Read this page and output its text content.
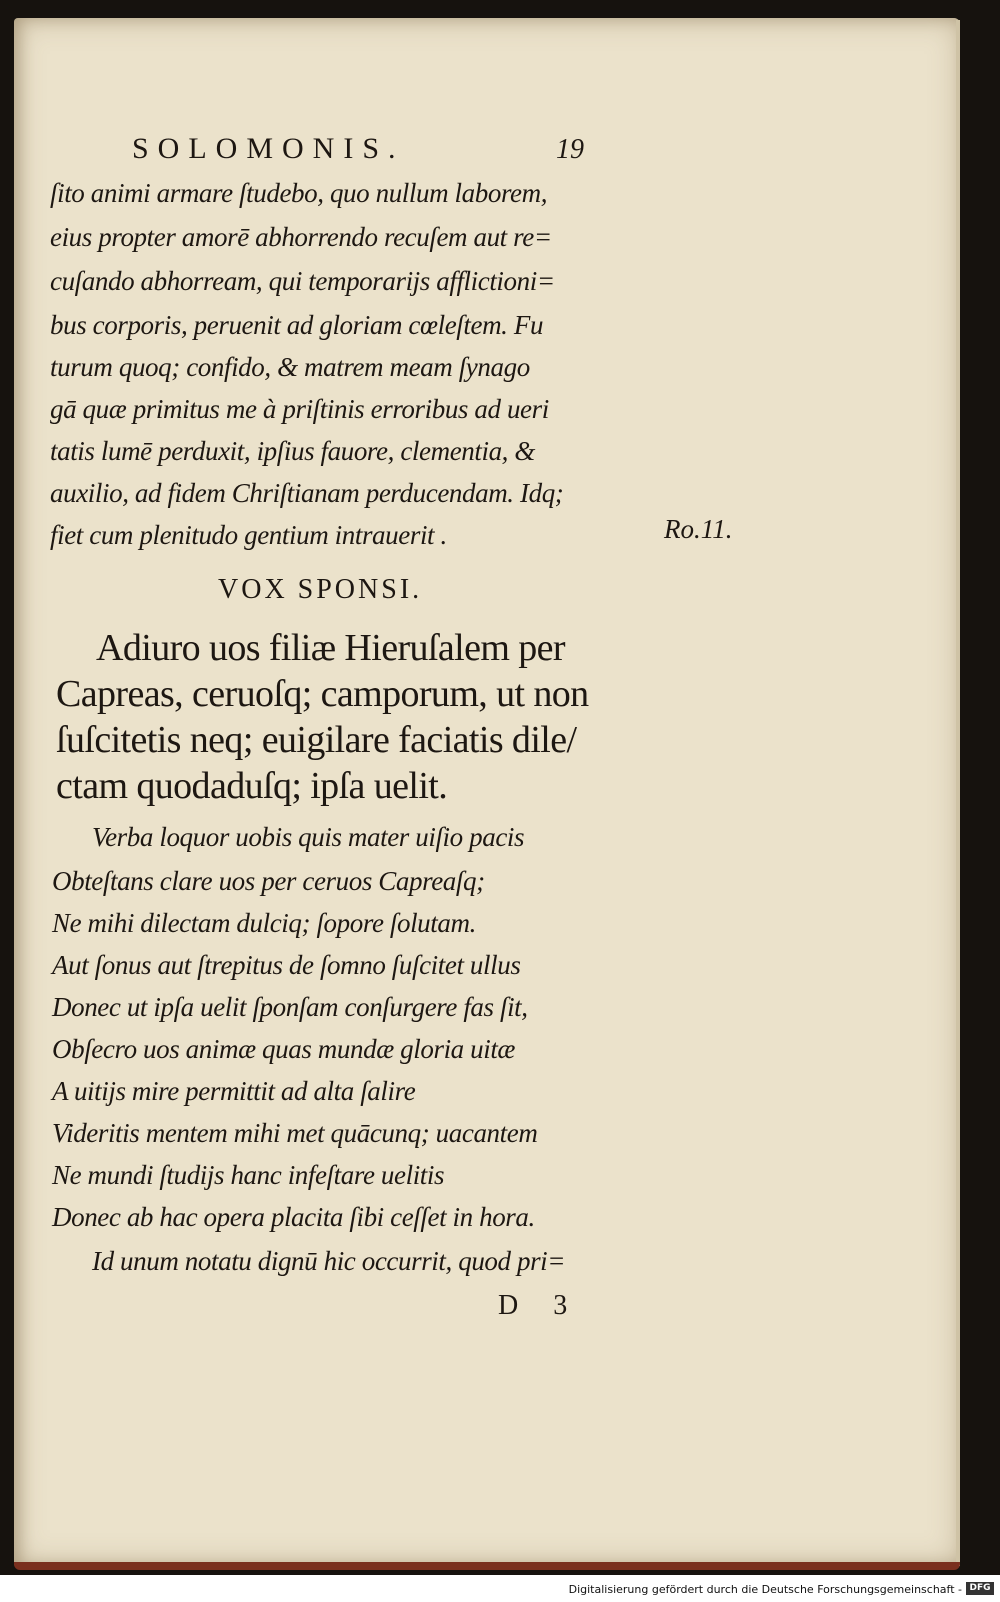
SOLOMONIS.	19
ſito animi armare ſtudebo, quo nullum laborem,
eius propter amorē abhorrendo recuſem aut re=
cuſando abhorream, qui temporarijs afflictioni=
bus corporis, peruenit ad gloriam cœleſtem. Fu
turum quoq; confido, & matrem meam ſynago
gā quæ primitus me à priſtinis erroribus ad ueri
tatis lumē perduxit, ipſius fauore, clementia, &
auxilio, ad fidem Chriſtianam perducendam. Idq;
fiet cum plenitudo gentium intrauerit .	Ro.11.
VOX SPONSI.
Adiuro uos filiæ Hieruſalem per
Capreas, ceruoſq; camporum, ut non
ſuſcitetis neq; euigilare faciatis dile/
ctam quodaduſq; ipſa uelit.
Verba loquor uobis quis mater uiſio pacis
Obteſtans clare uos per ceruos Capreaſq;
Ne mihi dilectam dulciq; ſopore ſolutam.
Aut ſonus aut ſtrepitus de ſomno ſuſcitet ullus
Donec ut ipſa uelit ſponſam conſurgere fas ſit,
Obſecro uos animæ quas mundæ gloria uitæ
A uitijs mire permittit ad alta ſalire
Videritis mentem mihi met quācunq; uacantem
Ne mundi ſtudijs hanc infeſtare uelitis
Donec ab hac opera placita ſibi ceſſet in hora.
Id unum notatu dignū hic occurrit, quod pri=
D 3
Digitalisierung gefördert durch die Deutsche Forschungsgemeinschaft - DFG
